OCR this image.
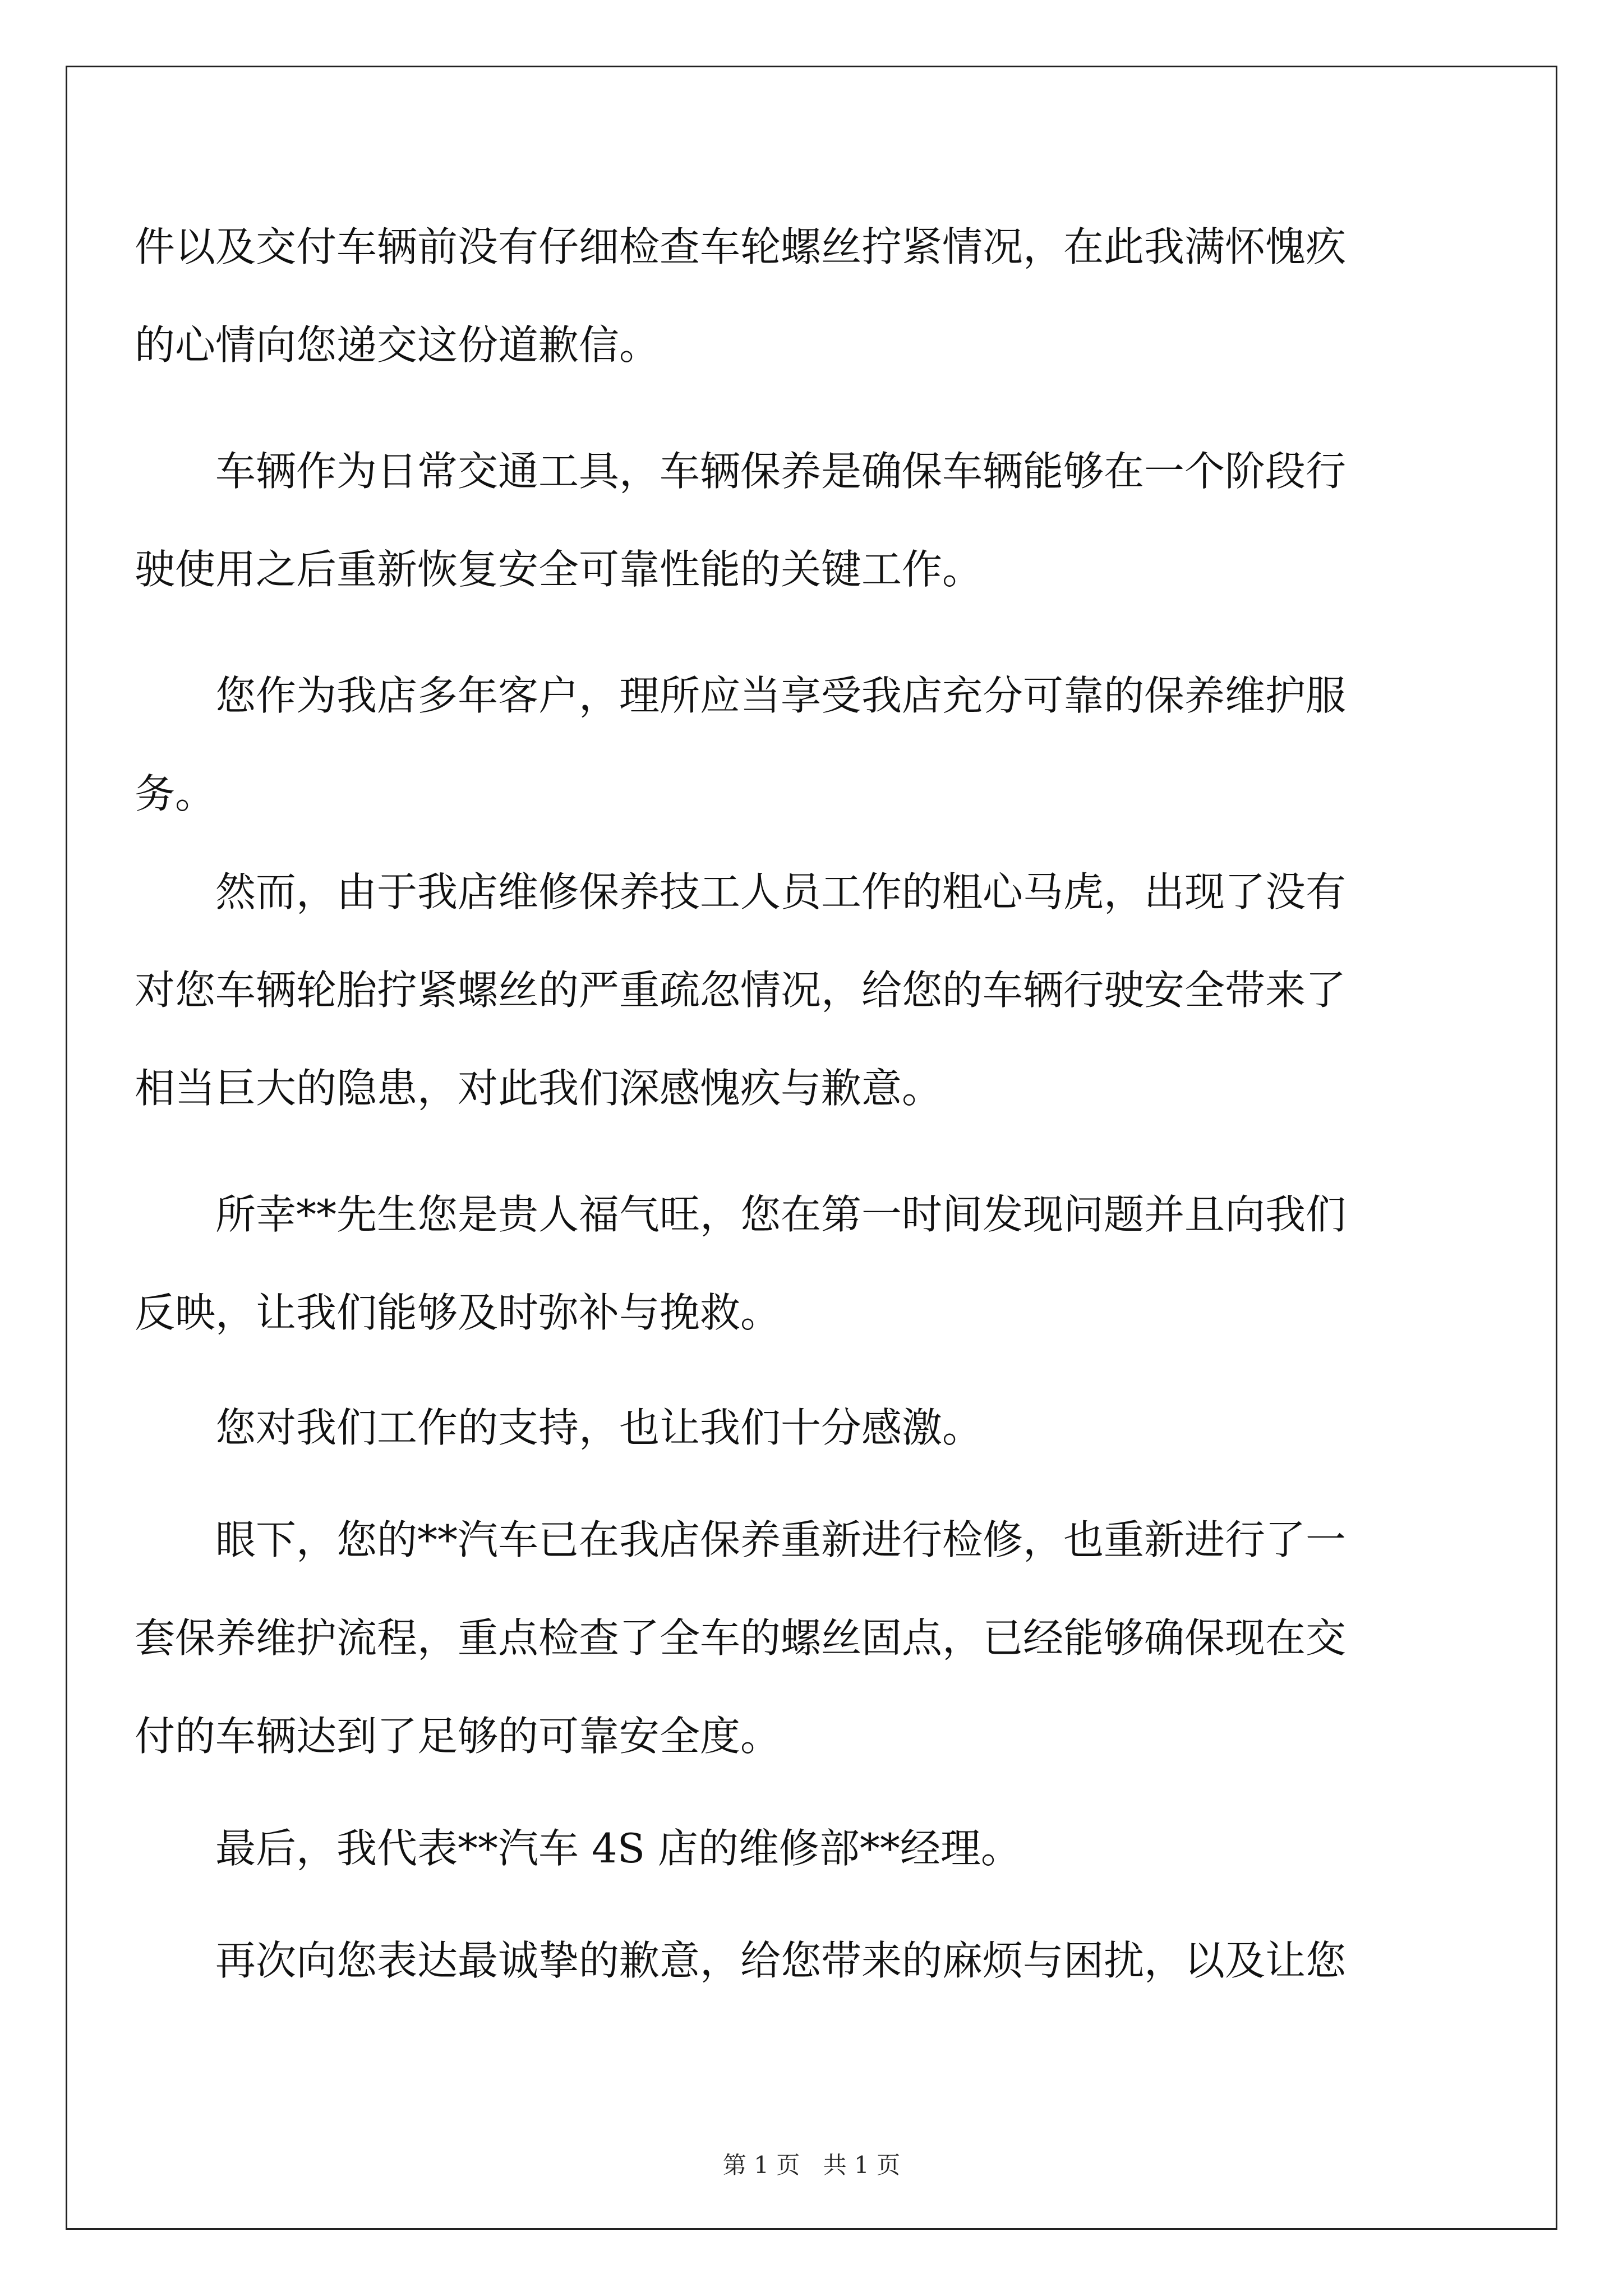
件以及交付车辆前没有仔细检查车轮螺丝拧紧情况，在此我满怀愧疚
的心情向您递交这份道歉信。
车辆作为日常交通工具，车辆保养是确保车辆能够在一个阶段行
驶使用之后重新恢复安全可靠性能的关键工作。
您作为我店多年客户，理所应当享受我店充分可靠的保养维护服
务。
然而，由于我店维修保养技工人员工作的粗心马虎，出现了没有
对您车辆轮胎拧紧螺丝的严重疏忽情况，给您的车辆行驶安全带来了
相当巨大的隐患，对此我们深感愧疚与歉意。
所幸**先生您是贵人福气旺，您在第一时间发现问题并且向我们
反映，让我们能够及时弥补与挽救。
您对我们工作的支持，也让我们十分感激。
眼下，您的**汽车已在我店保养重新进行检修，也重新进行了一
套保养维护流程，重点检查了全车的螺丝固点，已经能够确保现在交
付的车辆达到了足够的可靠安全度。
最后，我代表**汽车 4S 店的维修部**经理。
再次向您表达最诚挚的歉意，给您带来的麻烦与困扰，以及让您
第 1 页 共 1 页
